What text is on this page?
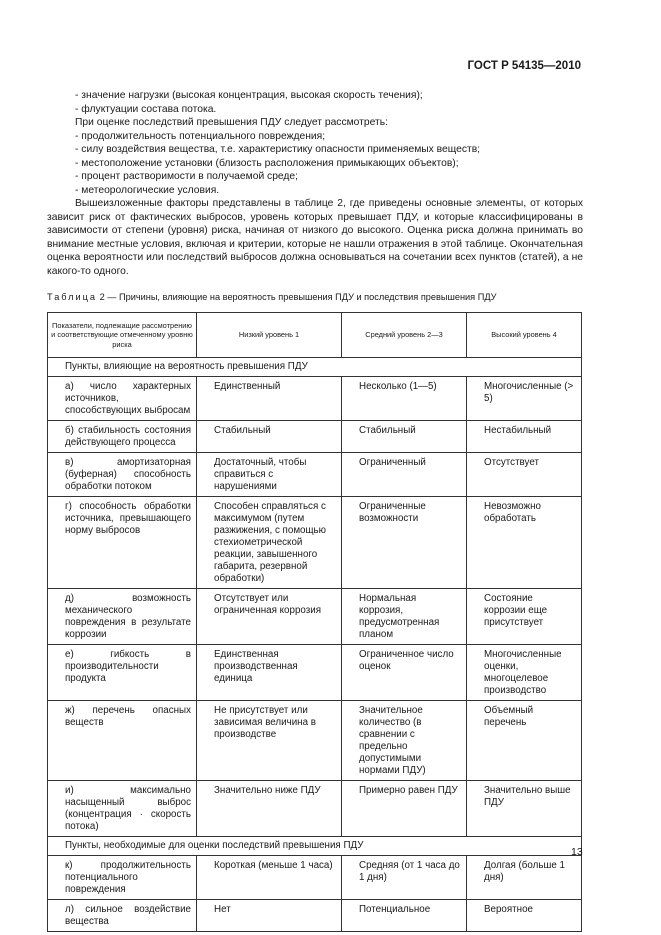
ГОСТ Р 54135—2010

- значение нагрузки (высокая концентрация, высокая скорость течения);

- флуктуации состава потока.

При оценке последствий превышения ПДУ следует рассмотреть:

- продолжительность потенциального повреждения;

- силу воздействия вещества, т.е. характеристику опасности применяемых веществ;

- местоположение установки (близость расположения примыкающих объектов);

- процент растворимости в получаемой среде;

- метеорологические условия.

Вышеизложенные факторы представлены в таблице 2, где приведены основные элементы, от которых зависит риск от фактических выбросов, уровень которых превышает ПДУ, и которые классифицированы в зависимости от степени (уровня) риска, начиная от низкого до высокого. Оценка риска должна принимать во внимание местные условия, включая и критерии, которые не нашли отражения в этой таблице. Окончательная оценка вероятности или последствий выбросов должна основываться на сочетании всех пунктов (статей), а не какого-то одного.

Таблица 2 — Причины, влияющие на вероятность превышения ПДУ и последствия превышения ПДУ
Показатели, подлежащие рассмотрению и соответствующие отмеченному уровню риска	Низкий уровень 1	Средний уровень 2—3	Высокий уровень 4
Пункты, влияющие на вероятность превышения ПДУ			
а) число характерных источников, способствующих выбросам	Единственный	Несколько (1—5)	Многочисленные (> 5)
б) стабильность состояния действующего процесса	Стабильный	Стабильный	Нестабильный
в) амортизаторная (буферная) способность обработки потоком	Достаточный, чтобы справиться с нарушениями	Ограниченный	Отсутствует
г) способность обработки источника, превышающего норму выбросов	Способен справляться с максимумом (путем разжижения, с помощью стехиометрической реакции, завышенного габарита, резервной обработки)	Ограниченные возможности	Невозможно обработать
д) возможность механического повреждения в результате коррозии	Отсутствует или ограниченная коррозия	Нормальная коррозия, предусмотренная планом	Состояние коррозии еще присутствует
е) гибкость в производительности продукта	Единственная производственная единица	Ограниченное число оценок	Многочисленные оценки, многоцелевое производство
ж) перечень опасных веществ	Не присутствует или зависимая величина в производстве	Значительное количество (в сравнении с предельно допустимыми нормами ПДУ)	Объемный перечень
и) максимально насыщенный выброс (концентрация · скорость потока)	Значительно ниже ПДУ	Примерно равен ПДУ	Значительно выше ПДУ
Пункты, необходимые для оценки последствий превышения ПДУ			
к) продолжительность потенциального повреждения	Короткая (меньше 1 часа)	Средняя (от 1 часа до 1 дня)	Долгая (больше 1 дня)
л) сильное воздействие вещества	Нет	Потенциальное	Вероятное
13
